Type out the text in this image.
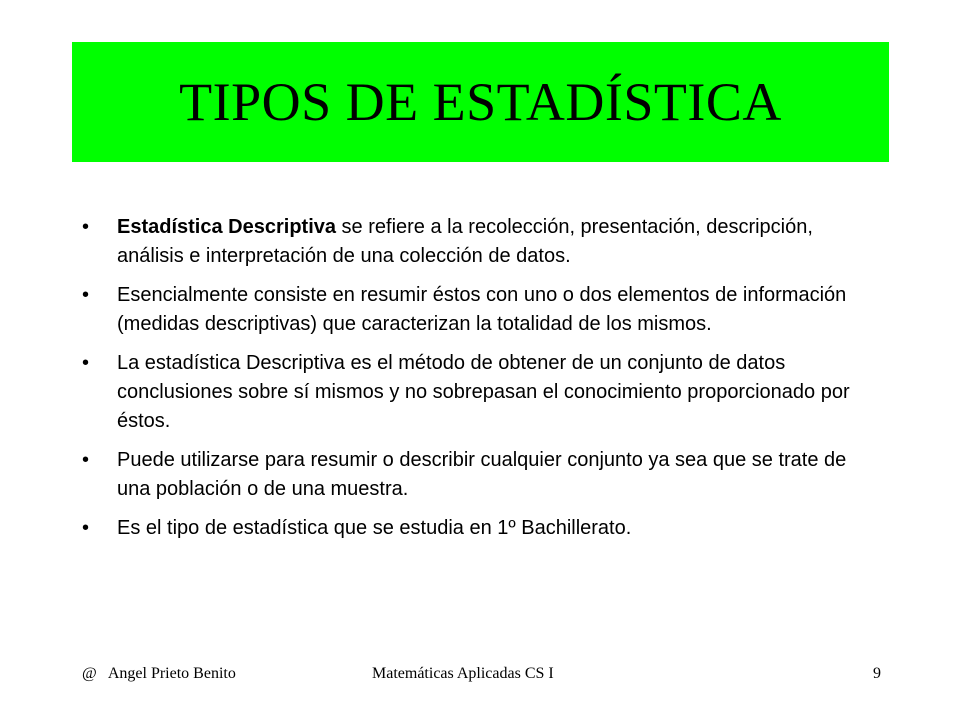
TIPOS DE ESTADÍSTICA
• Estadística Descriptiva se refiere a la recolección, presentación, descripción, análisis e interpretación de una colección de datos.
• Esencialmente consiste en resumir éstos con uno o dos elementos de información (medidas descriptivas) que caracterizan la totalidad de los mismos.
• La estadística Descriptiva es el método de obtener de un conjunto de datos conclusiones sobre sí mismos y no sobrepasan el conocimiento proporcionado por éstos.
• Puede utilizarse para resumir o describir cualquier conjunto ya sea que se trate de una población o de una muestra.
• Es el tipo de estadística que se estudia en 1º Bachillerato.
@   Angel Prieto Benito	Matemáticas Aplicadas CS I	9
